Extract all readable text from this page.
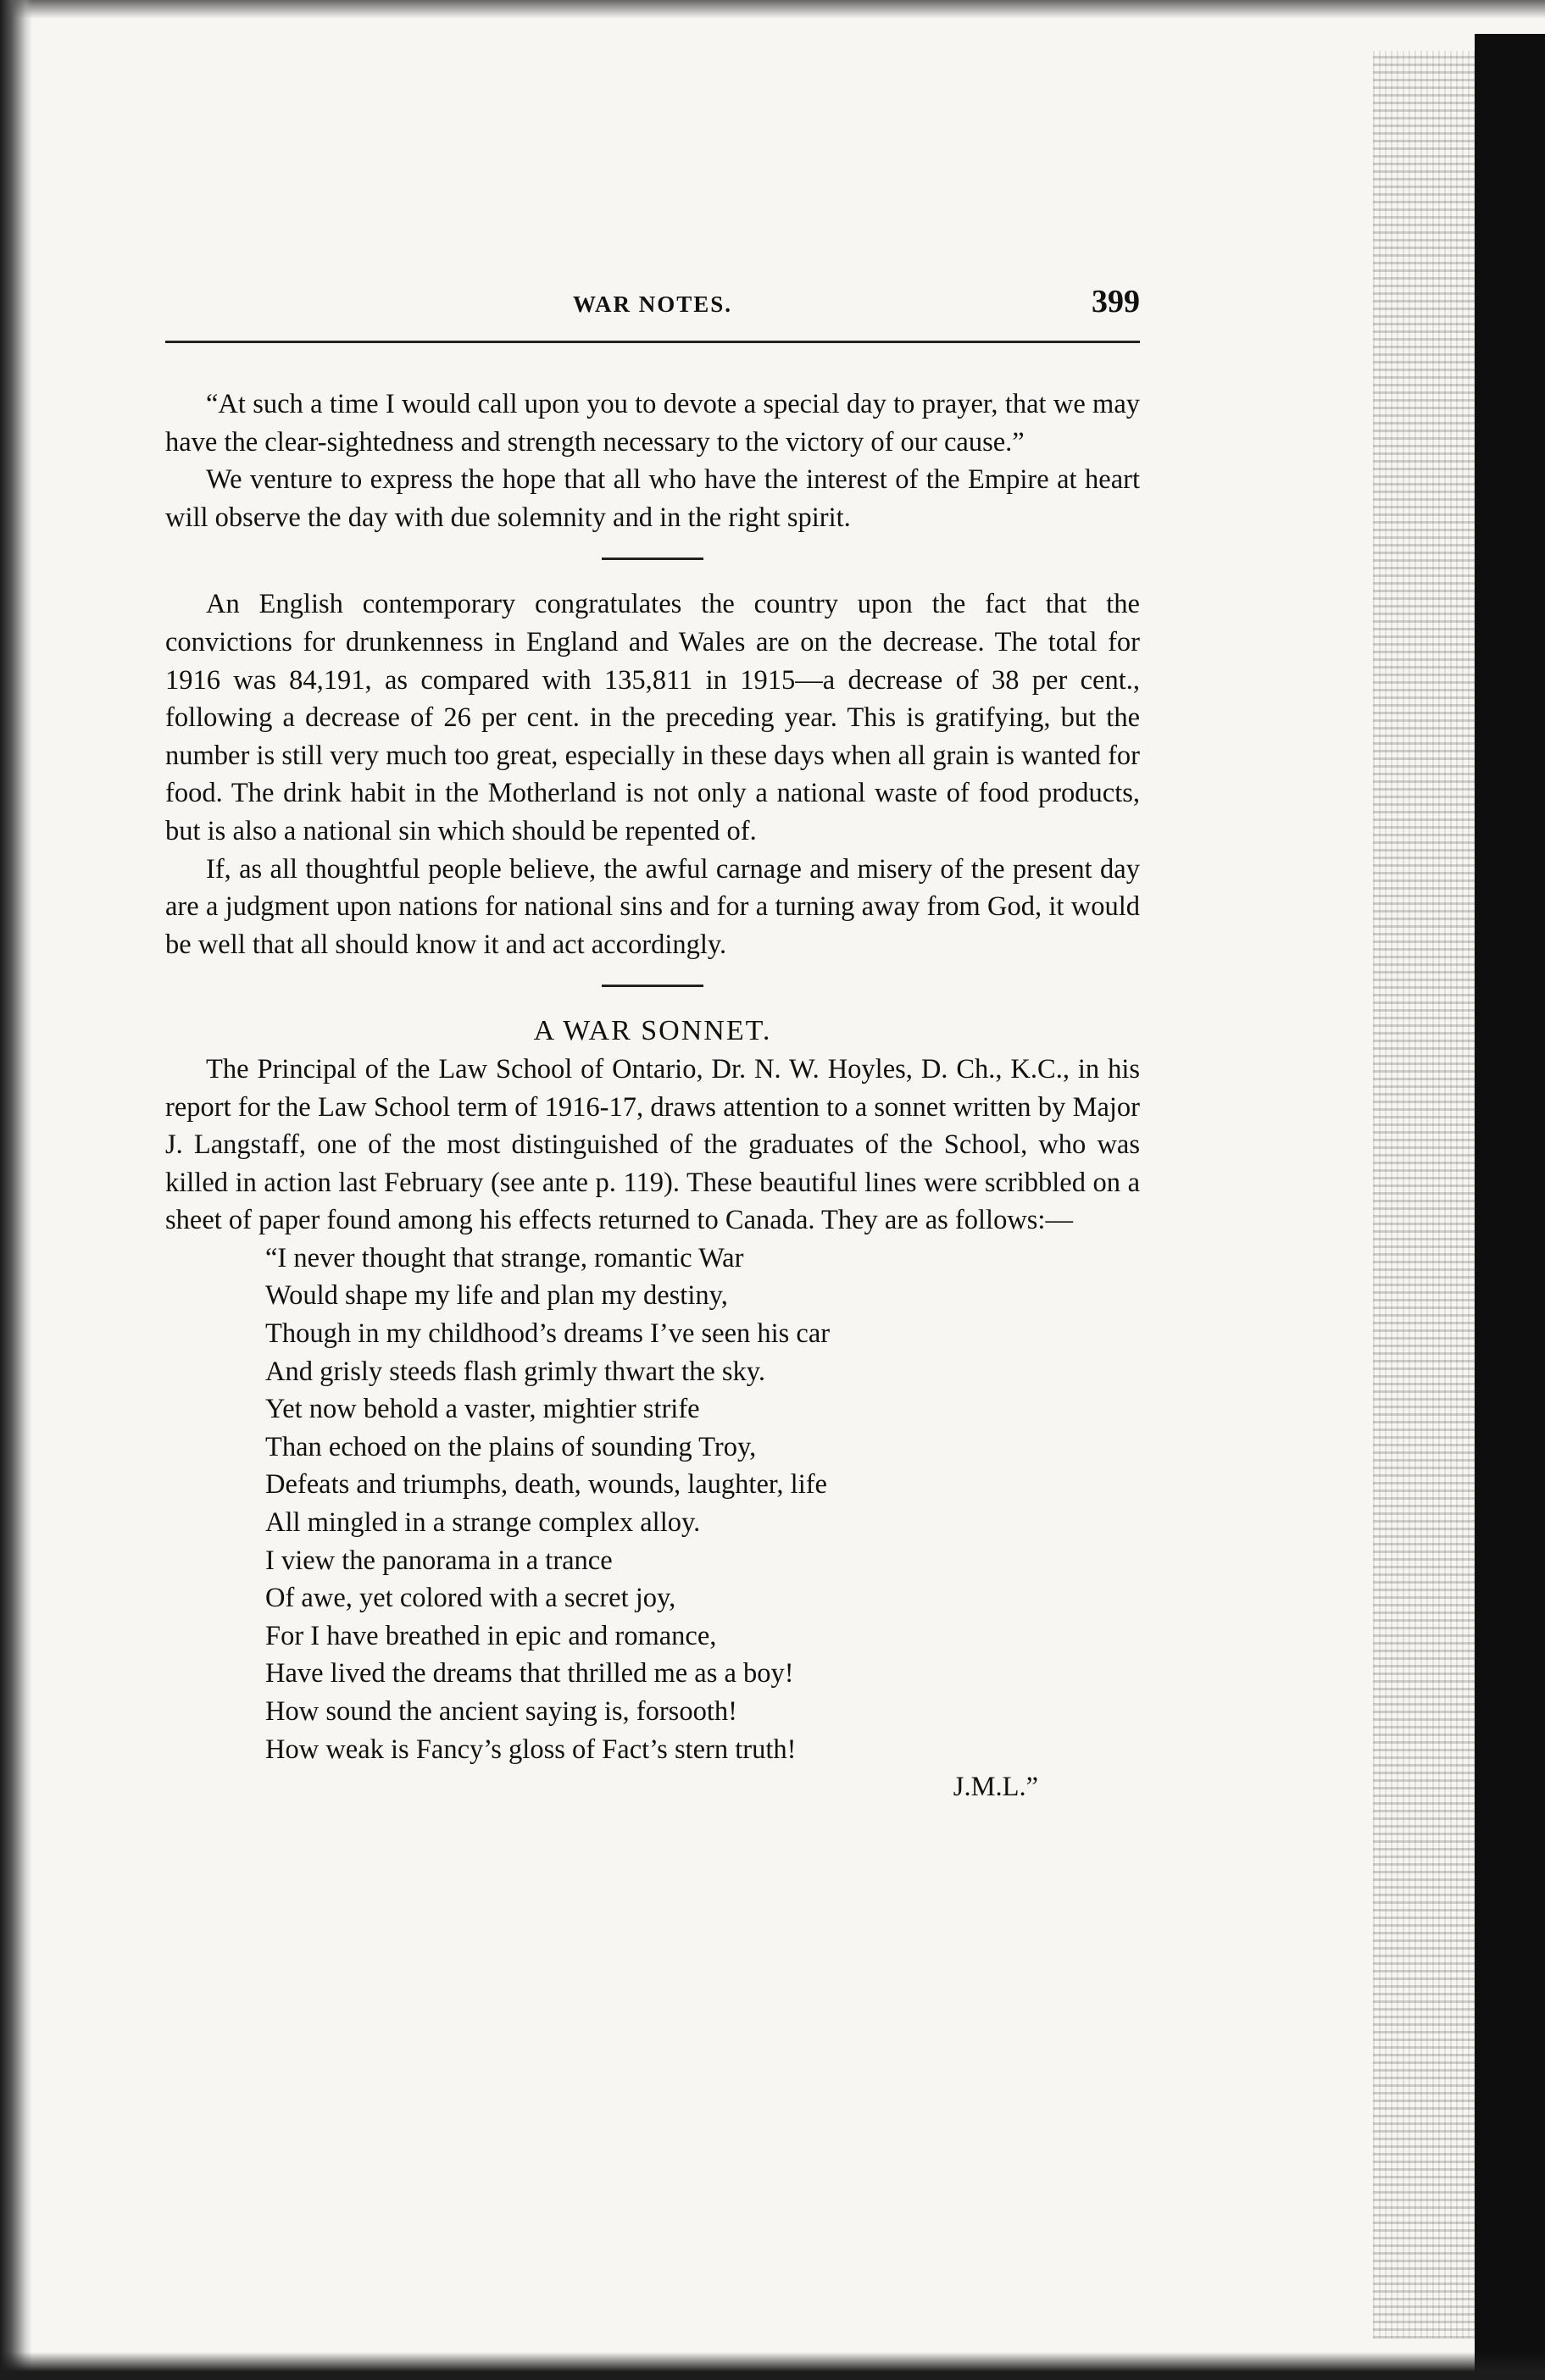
WAR NOTES.	399

“At such a time I would call upon you to devote a special day to prayer, that we may have the clear-sightedness and strength necessary to the victory of our cause.”

We venture to express the hope that all who have the interest of the Empire at heart will observe the day with due solemnity and in the right spirit.

An English contemporary congratulates the country upon the fact that the convictions for drunkenness in England and Wales are on the decrease. The total for 1916 was 84,191, as compared with 135,811 in 1915—a decrease of 38 per cent., following a decrease of 26 per cent. in the preceding year. This is gratifying, but the number is still very much too great, especially in these days when all grain is wanted for food. The drink habit in the Motherland is not only a national waste of food products, but is also a national sin which should be repented of.

If, as all thoughtful people believe, the awful carnage and misery of the present day are a judgment upon nations for national sins and for a turning away from God, it would be well that all should know it and act accordingly.

A WAR SONNET.

The Principal of the Law School of Ontario, Dr. N. W. Hoyles, D. Ch., K.C., in his report for the Law School term of 1916-17, draws attention to a sonnet written by Major J. Langstaff, one of the most distinguished of the graduates of the School, who was killed in action last February (see ante p. 119). These beautiful lines were scribbled on a sheet of paper found among his effects returned to Canada. They are as follows:—

“I never thought that strange, romantic War
Would shape my life and plan my destiny,
Though in my childhood’s dreams I’ve seen his car
And grisly steeds flash grimly thwart the sky.
Yet now behold a vaster, mightier strife
Than echoed on the plains of sounding Troy,
Defeats and triumphs, death, wounds, laughter, life
All mingled in a strange complex alloy.
I view the panorama in a trance
Of awe, yet colored with a secret joy,
For I have breathed in epic and romance,
Have lived the dreams that thrilled me as a boy!
How sound the ancient saying is, forsooth!
How weak is Fancy’s gloss of Fact’s stern truth!
J.M.L.”
